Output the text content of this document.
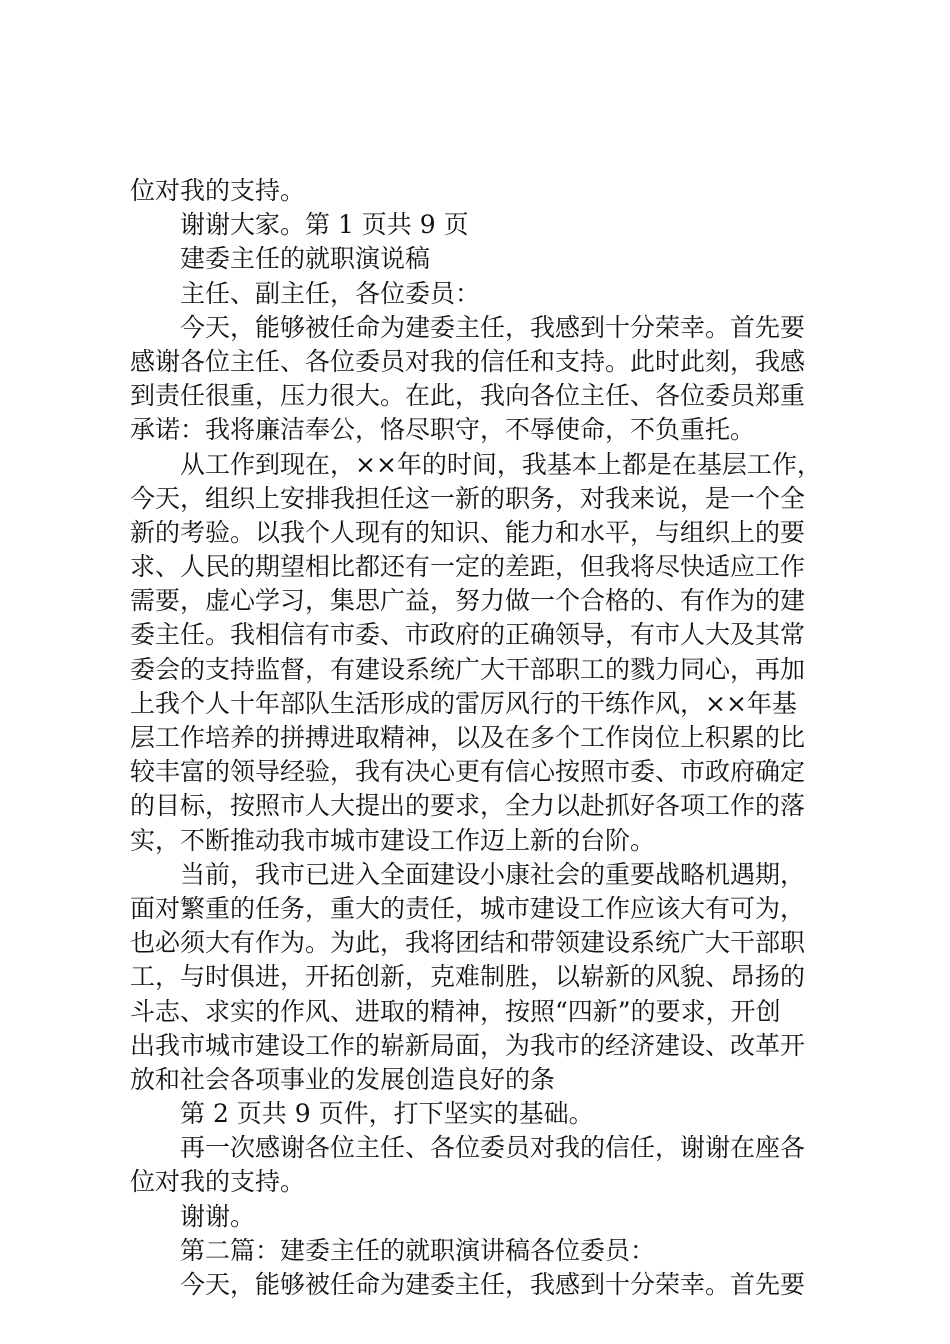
位对我的支持。
谢谢大家。第 1 页共 9 页
建委主任的就职演说稿
主任、副主任，各位委员：
今天，能够被任命为建委主任，我感到十分荣幸。首先要
感谢各位主任、各位委员对我的信任和支持。此时此刻，我感
到责任很重，压力很大。在此，我向各位主任、各位委员郑重
承诺：我将廉洁奉公，恪尽职守，不辱使命，不负重托。
从工作到现在，××年的时间，我基本上都是在基层工作，
今天，组织上安排我担任这一新的职务，对我来说，是一个全
新的考验。以我个人现有的知识、能力和水平，与组织上的要
求、人民的期望相比都还有一定的差距，但我将尽快适应工作
需要，虚心学习，集思广益，努力做一个合格的、有作为的建
委主任。我相信有市委、市政府的正确领导，有市人大及其常
委会的支持监督，有建设系统广大干部职工的戮力同心，再加
上我个人十年部队生活形成的雷厉风行的干练作风，××年基
层工作培养的拼搏进取精神，以及在多个工作岗位上积累的比
较丰富的领导经验，我有决心更有信心按照市委、市政府确定
的目标，按照市人大提出的要求，全力以赴抓好各项工作的落
实，不断推动我市城市建设工作迈上新的台阶。
当前，我市已进入全面建设小康社会的重要战略机遇期，
面对繁重的任务，重大的责任，城市建设工作应该大有可为，
也必须大有作为。为此，我将团结和带领建设系统广大干部职
工，与时俱进，开拓创新，克难制胜，以崭新的风貌、昂扬的
斗志、求实的作风、进取的精神，按照“四新”的要求，开创
出我市城市建设工作的崭新局面，为我市的经济建设、改革开
放和社会各项事业的发展创造良好的条
第 2 页共 9 页件，打下坚实的基础。
再一次感谢各位主任、各位委员对我的信任，谢谢在座各
位对我的支持。
谢谢。
第二篇：建委主任的就职演讲稿各位委员：
今天，能够被任命为建委主任，我感到十分荣幸。首先要
